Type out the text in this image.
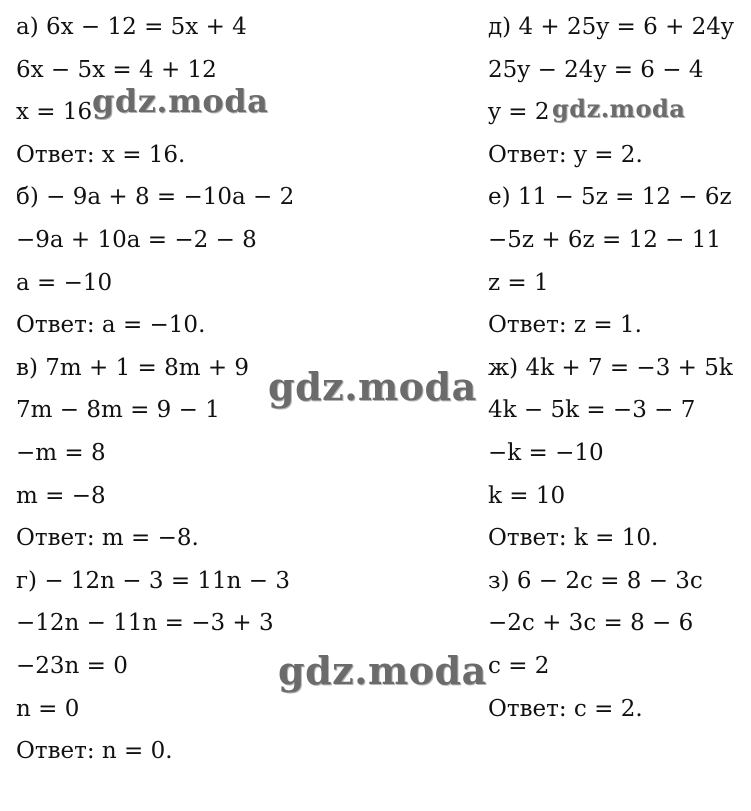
а) 6x − 12 = 5x + 4
6x − 5x = 4 + 12
x = 16
Ответ: x = 16.
б) − 9a + 8 = −10a − 2
−9a + 10a = −2 − 8
a = −10
Ответ: a = −10.
в) 7m + 1 = 8m + 9
7m − 8m = 9 − 1
−m = 8
m = −8
Ответ: m = −8.
г) − 12n − 3 = 11n − 3
−12n − 11n = −3 + 3
−23n = 0
n = 0
Ответ: n = 0.
д) 4 + 25y = 6 + 24y
25y − 24y = 6 − 4
y = 2
Ответ: y = 2.
е) 11 − 5z = 12 − 6z
−5z + 6z = 12 − 11
z = 1
Ответ: z = 1.
ж) 4k + 7 = −3 + 5k
4k − 5k = −3 − 7
−k = −10
k = 10
Ответ: k = 10.
з) 6 − 2c = 8 − 3c
−2c + 3c = 8 − 6
c = 2
Ответ: c = 2.
gdz.moda	gdz.moda
gdz.moda
gdz.moda
